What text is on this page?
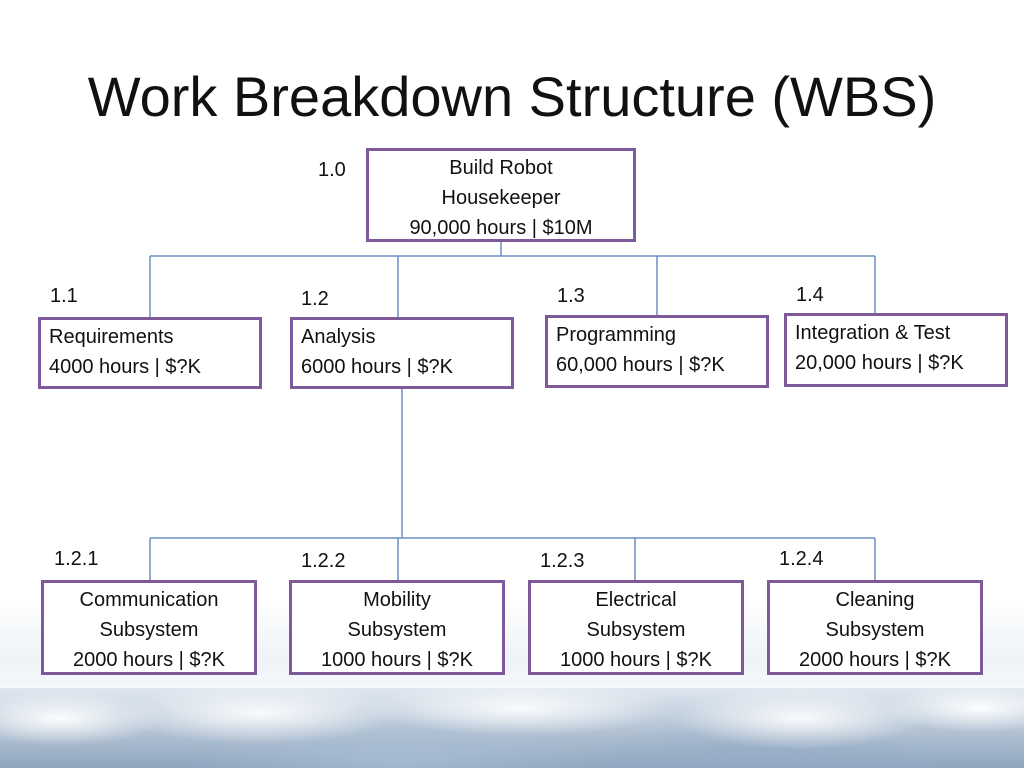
Work Breakdown Structure (WBS)
1.0	Build Robot
Housekeeper
90,000 hours | $10M
1.1
Requirements
4000 hours | $?K
1.2
Analysis
6000 hours | $?K
1.3
Programming
60,000 hours | $?K
1.4
Integration & Test
20,000 hours | $?K
1.2.1
Communication
Subsystem
2000 hours | $?K
1.2.2
Mobility
Subsystem
1000 hours | $?K
1.2.3
Electrical
Subsystem
1000 hours | $?K
1.2.4
Cleaning
Subsystem
2000 hours | $?K
